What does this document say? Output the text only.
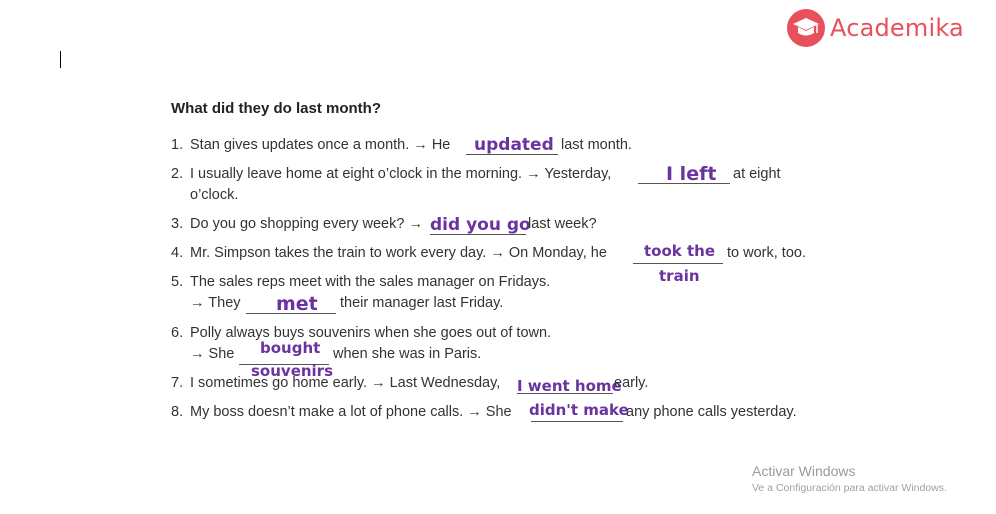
Academika
What did they do last month?
1. Stan gives updates once a month. → He updated last month.
2. I usually leave home at eight o’clock in the morning. → Yesterday,	I left at eight
o’clock.
3. Do you go shopping every week? → did you go
last week?
4. Mr. Simpson takes the train to work every day. → On Monday, he took the
train
to work, too.
5. The sales reps meet with the sales manager on Fridays.
→ They met their manager last Friday.
6. Polly always buys souvenirs when she goes out of town.
→ She bought
souvenirs
when she was in Paris.
7. I sometimes go home early. → Last Wednesday, I went home
early.
8. My boss doesn’t make a lot of phone calls. → She didn't make
any phone calls yesterday.
Activar Windows
Ve a Configuración para activar Windows.
